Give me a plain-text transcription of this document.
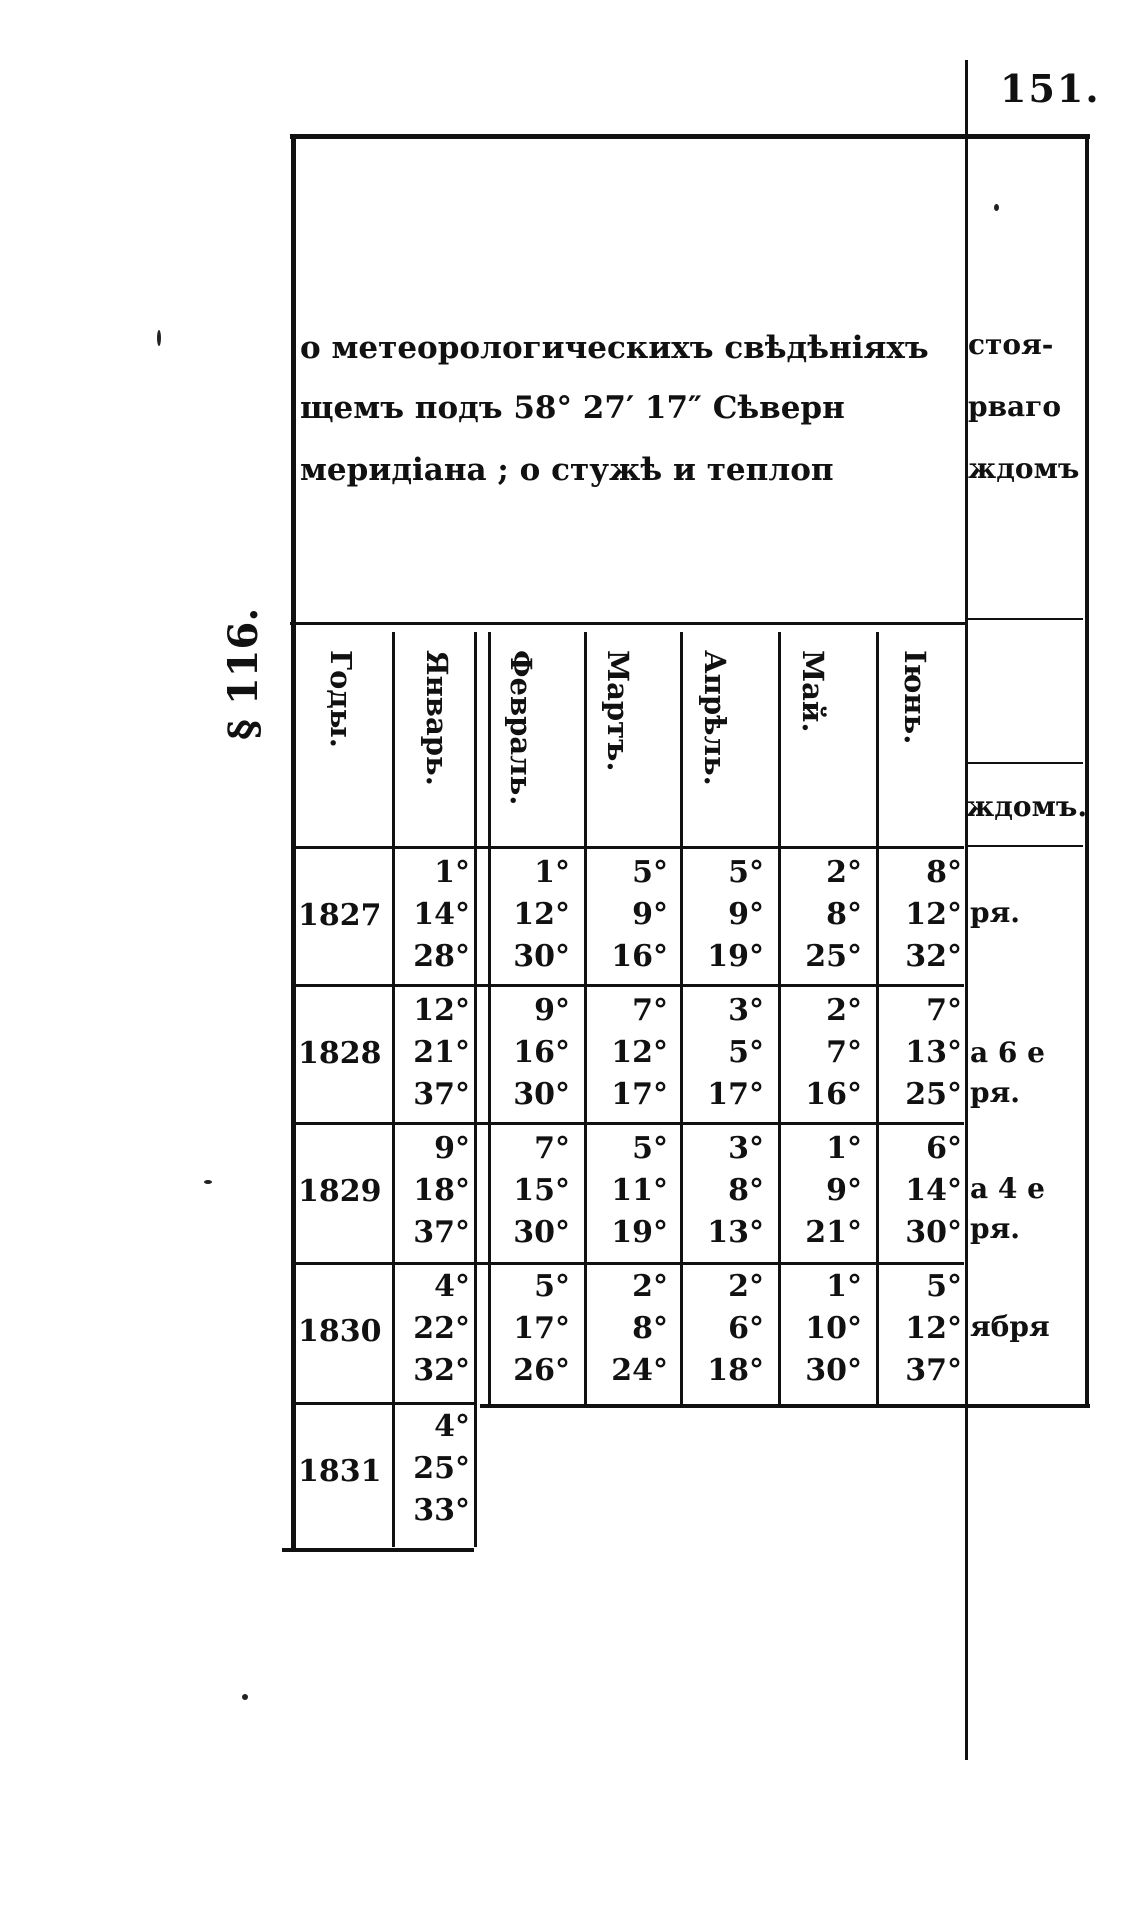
151.
§ 116.
о метеорологическихъ свѣдѣнiяхъ
щемъ подъ 58° 27′ 17″ Сѣверн
меридiана ; о стужѣ и теплоп
стоя-
рвагo
ждомъ
Годы. Январь. Февраль. Мартъ. Апрѣль. Май. Iюнь.
ждомъ.
1827
1828
1829
1830
1831
1°
14°
28°
1°
12°
30°
5°
9°
16°
5°
9°
19°
2°
8°
25°
8°
12°
32°
12°
21°
37°
9°
16°
30°
7°
12°
17°
3°
5°
17°
2°
7°
16°
7°
13°
25°
9°
18°
37°
7°
15°
30°
5°
11°
19°
3°
8°
13°
1°
9°
21°
6°
14°
30°
4°
22°
32°
5°
17°
26°
2°
8°
24°
2°
6°
18°
1°
10°
30°
5°
12°
37°
4°
25°
33°
ря.
а 6 е
ря.
а 4 е
ря.
ября
